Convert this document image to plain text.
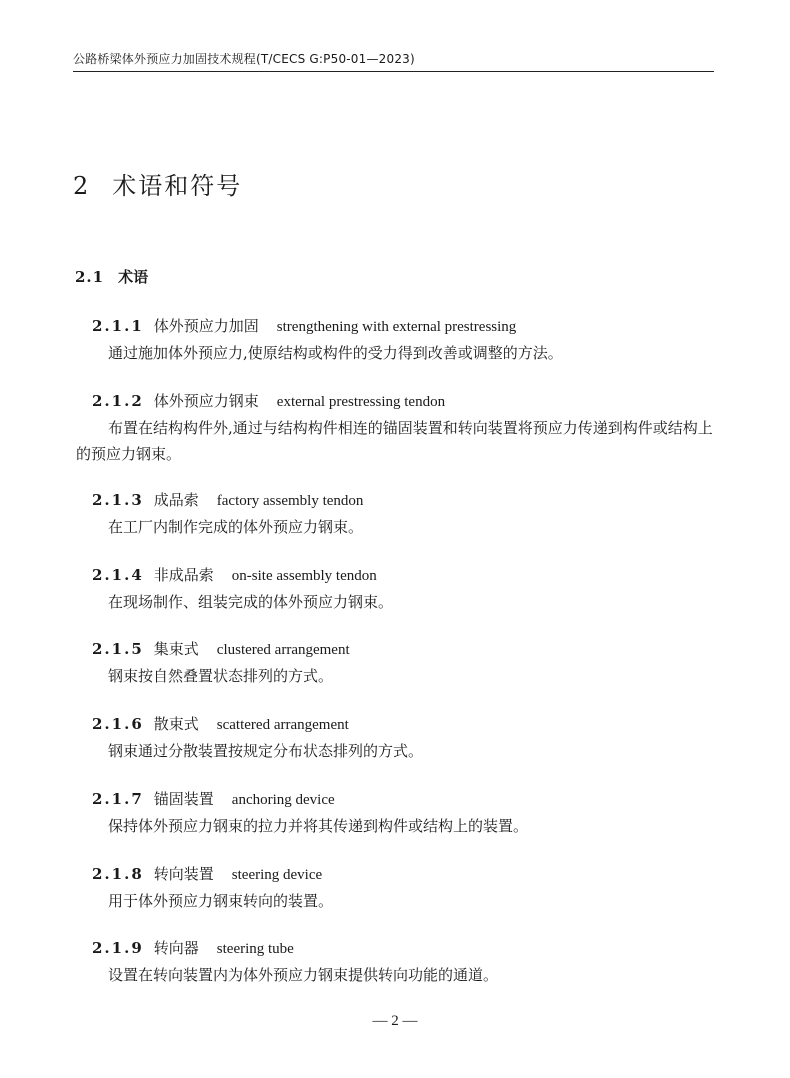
公路桥梁体外预应力加固技术规程(T/CECS G:P50-01—2023)
2 术语和符号
2.1 术语
2.1.1 体外预应力加固 strengthening with external prestressing

通过施加体外预应力,使原结构或构件的受力得到改善或调整的方法。

2.1.2 体外预应力钢束 external prestressing tendon

布置在结构构件外,通过与结构构件相连的锚固装置和转向装置将预应力传递到构件或结构上的预应力钢束。

2.1.3 成品索 factory assembly tendon

在工厂内制作完成的体外预应力钢束。

2.1.4 非成品索 on-site assembly tendon

在现场制作、组装完成的体外预应力钢束。

2.1.5 集束式 clustered arrangement

钢束按自然叠置状态排列的方式。

2.1.6 散束式 scattered arrangement

钢束通过分散装置按规定分布状态排列的方式。

2.1.7 锚固装置 anchoring device

保持体外预应力钢束的拉力并将其传递到构件或结构上的装置。

2.1.8 转向装置 steering device

用于体外预应力钢束转向的装置。

2.1.9 转向器 steering tube

设置在转向装置内为体外预应力钢束提供转向功能的通道。

— 2 —
